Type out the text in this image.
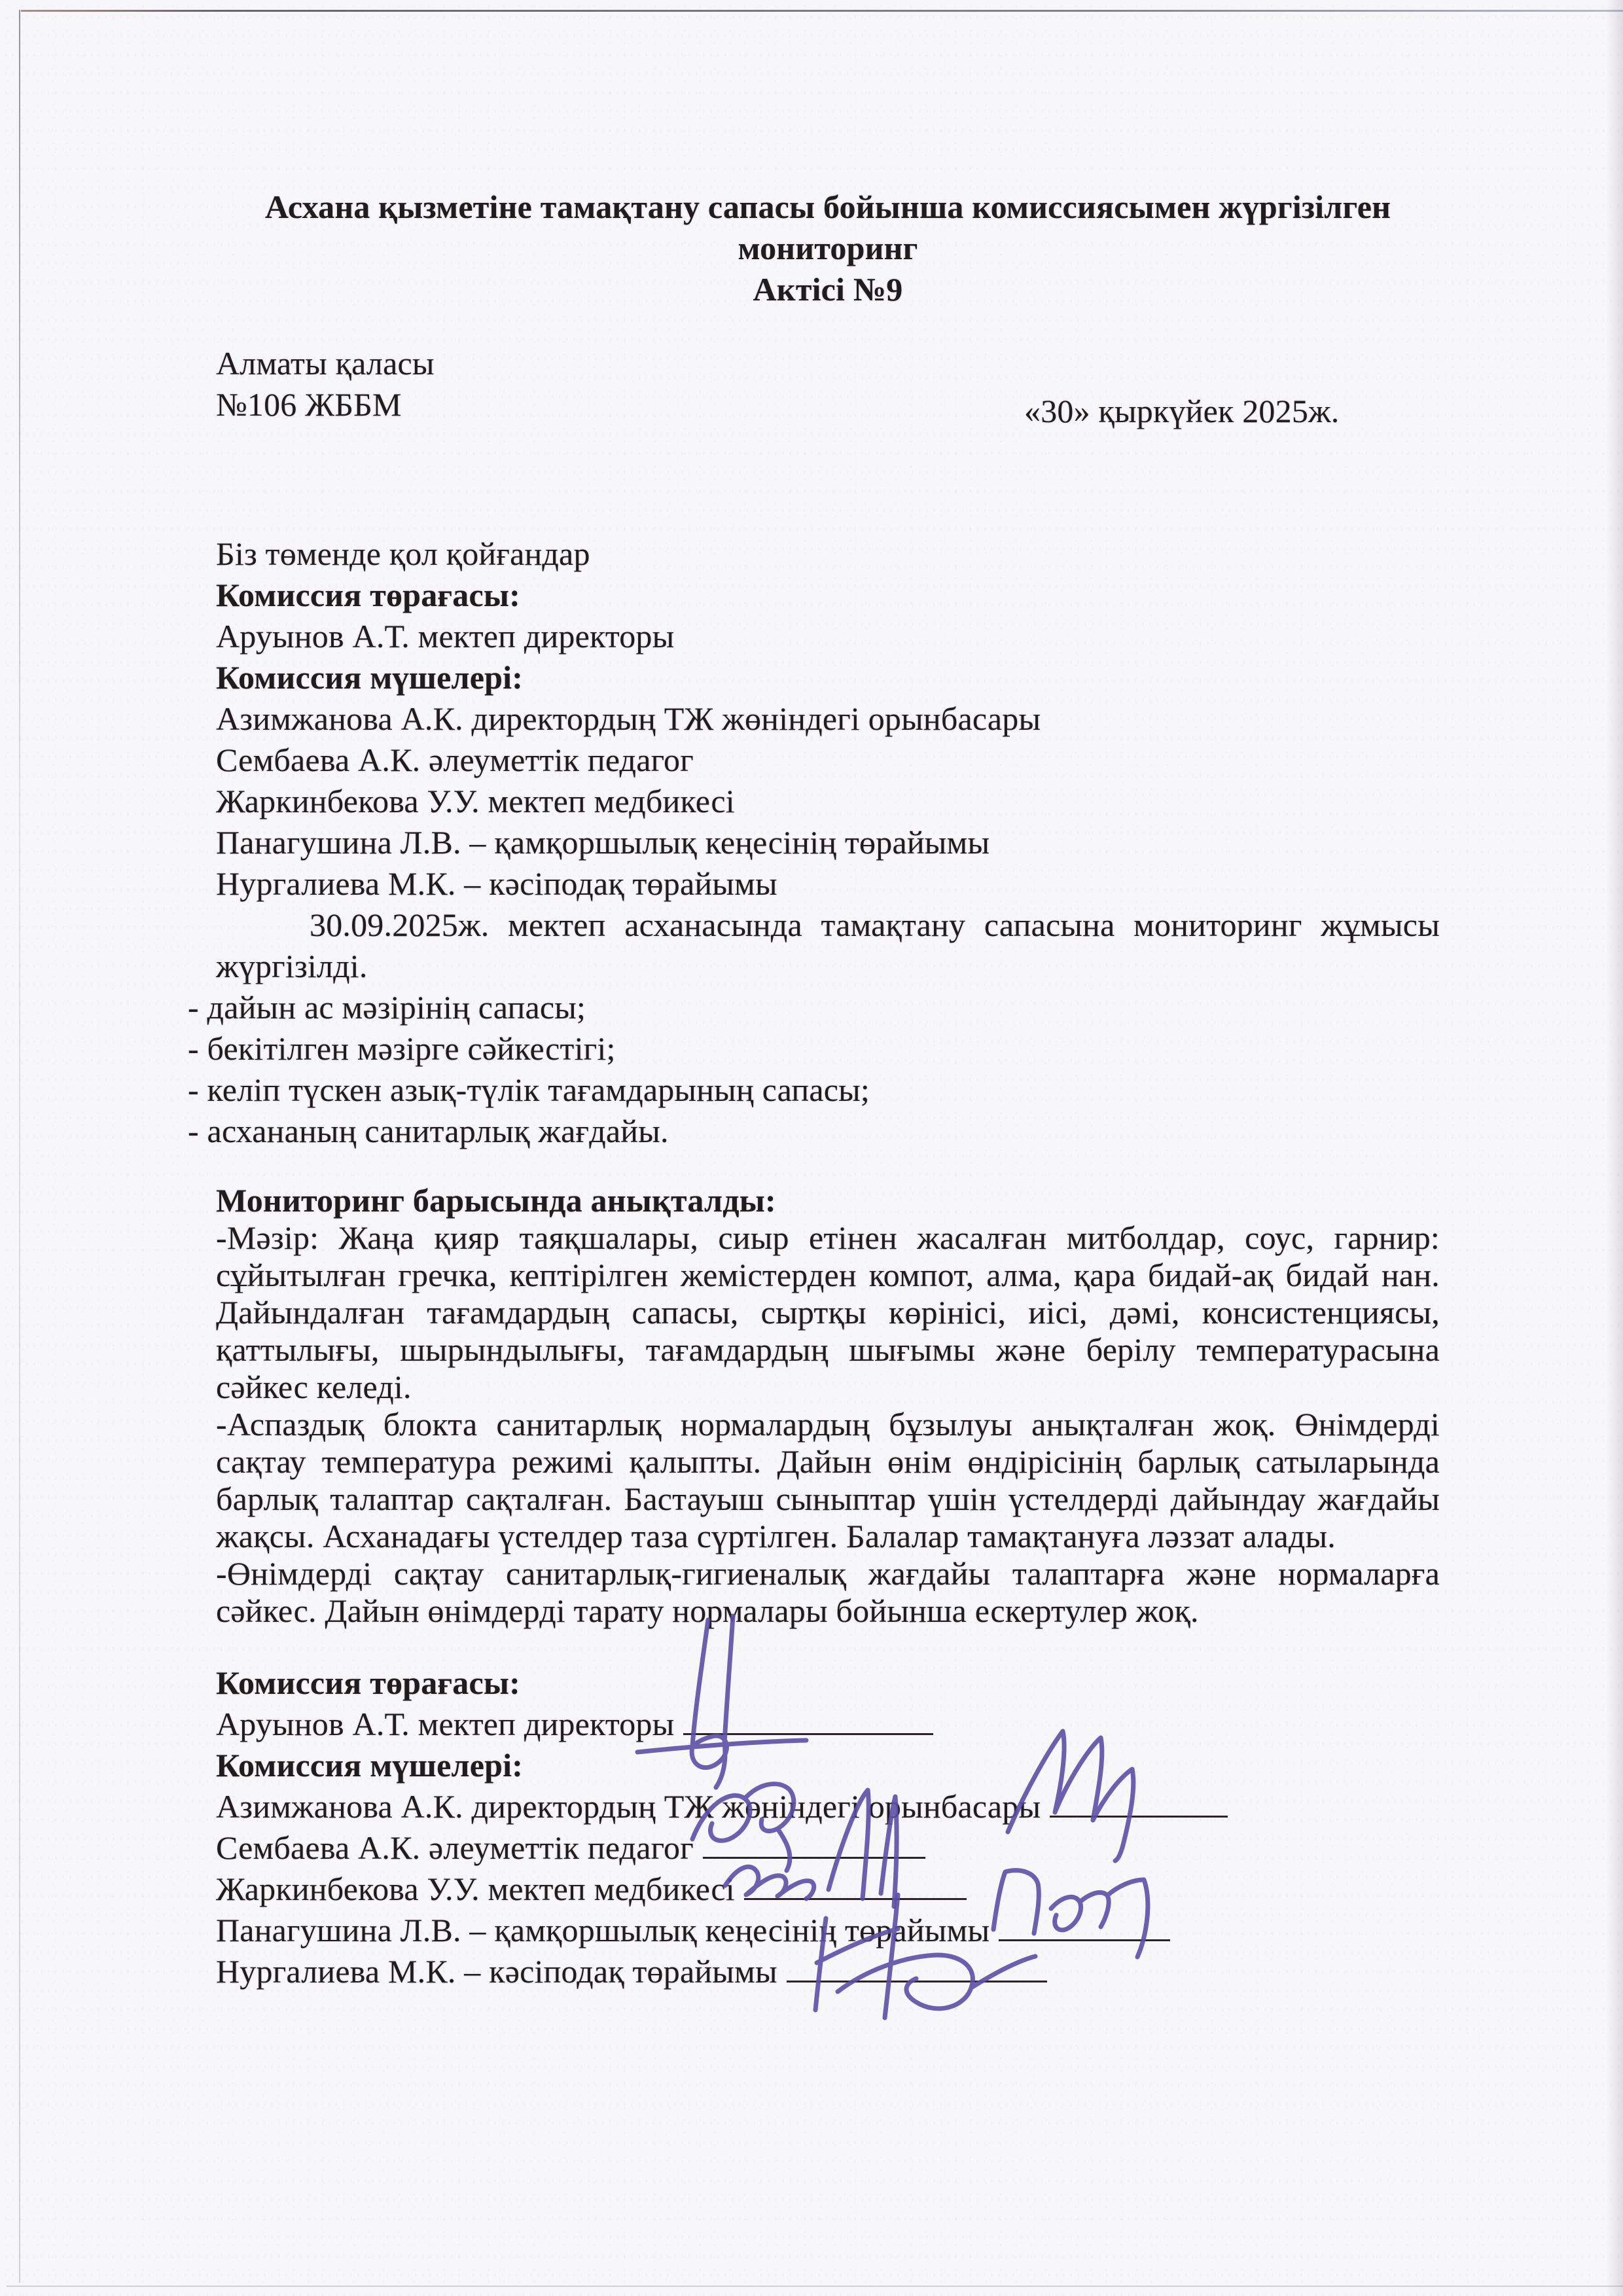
Асхана қызметіне тамақтану сапасы бойынша комиссиясымен жүргізілген
мониторинг
Актісі №9
Алматы қаласы
№106 ЖББМ	«30» қыркүйек 2025ж.
Біз төменде қол қойғандар
Комиссия төрағасы:
Аруынов А.Т. мектеп директоры
Комиссия мүшелері:
Азимжанова А.К. директордың ТЖ жөніндегі орынбасары
Сембаева А.К. әлеуметтік педагог
Жаркинбекова У.У. мектеп медбикесі
Панагушина Л.В. – қамқоршылық кеңесінің төрайымы
Нургалиева М.К. – кәсіподақ төрайымы
30.09.2025ж. мектеп асханасында тамақтану сапасына мониторинг жұмысы жүргізілді.
- дайын ас мәзірінің сапасы;
- бекітілген мәзірге сәйкестігі;
- келіп түскен азық-түлік тағамдарының сапасы;
- асхананың санитарлық жағдайы.
Мониторинг барысында анықталды:
-Мәзір: Жаңа қияр таяқшалары, сиыр етінен жасалған митболдар, соус, гарнир: сұйытылған гречка, кептірілген жемістерден компот, алма, қара бидай-ақ бидай нан. Дайындалған тағамдардың сапасы, сыртқы көрінісі, иісі, дәмі, консистенциясы, қаттылығы, шырындылығы, тағамдардың шығымы және берілу температурасына сәйкес келеді.
-Аспаздық блокта санитарлық нормалардың бұзылуы анықталған жоқ. Өнімдерді сақтау температура режимі қалыпты. Дайын өнім өндірісінің барлық сатыларында барлық талаптар сақталған. Бастауыш сыныптар үшін үстелдерді дайындау жағдайы жақсы. Асханадағы үстелдер таза сүртілген. Балалар тамақтануға ләззат алады.
-Өнімдерді сақтау санитарлық-гигиеналық жағдайы талаптарға және нормаларға сәйкес. Дайын өнімдерді тарату нормалары бойынша ескертулер жоқ.
Комиссия төрағасы:
Аруынов А.Т. мектеп директоры
Комиссия мүшелері:
Азимжанова А.К. директордың ТЖ жөніндегі орынбасары
Сембаева А.К. әлеуметтік педагог
Жаркинбекова У.У. мектеп медбикесі
Панагушина Л.В. – қамқоршылық кеңесінің төрайымы
Нургалиева М.К. – кәсіподақ төрайымы
